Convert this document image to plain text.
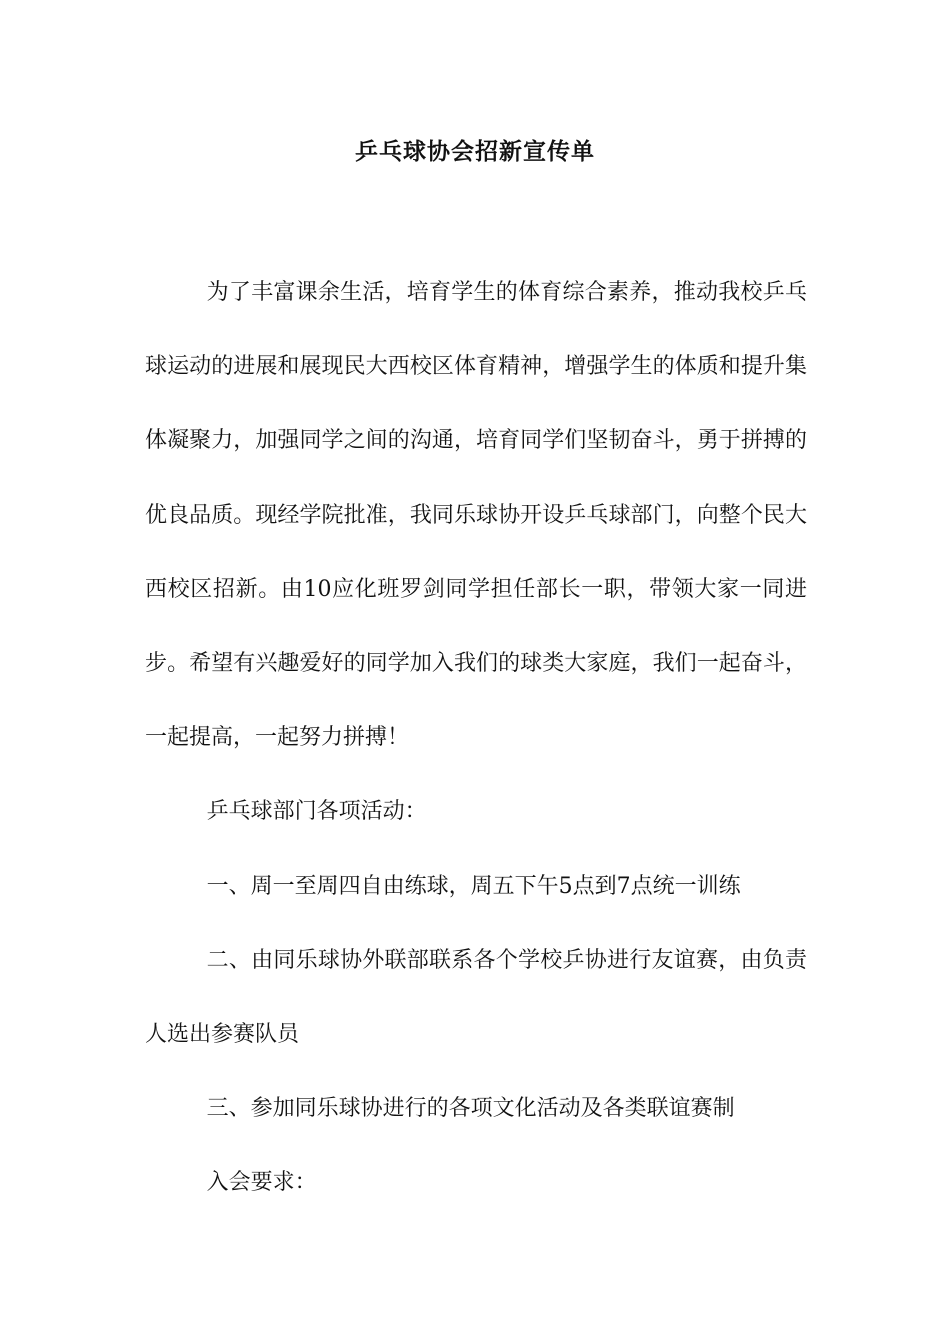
乒乓球协会招新宣传单

为了丰富课余生活，培育学生的体育综合素养，推动我校乒乓球运动的进展和展现民大西校区体育精神，增强学生的体质和提升集体凝聚力，加强同学之间的沟通，培育同学们坚韧奋斗，勇于拼搏的优良品质。现经学院批准，我同乐球协开设乒乓球部门，向整个民大西校区招新。由10应化班罗剑同学担任部长一职，带领大家一同进步。希望有兴趣爱好的同学加入我们的球类大家庭，我们一起奋斗，一起提高，一起努力拼搏！

乒乓球部门各项活动：

一、周一至周四自由练球，周五下午5点到7点统一训练

二、由同乐球协外联部联系各个学校乒协进行友谊赛，由负责人选出参赛队员

三、参加同乐球协进行的各项文化活动及各类联谊赛制

入会要求：
